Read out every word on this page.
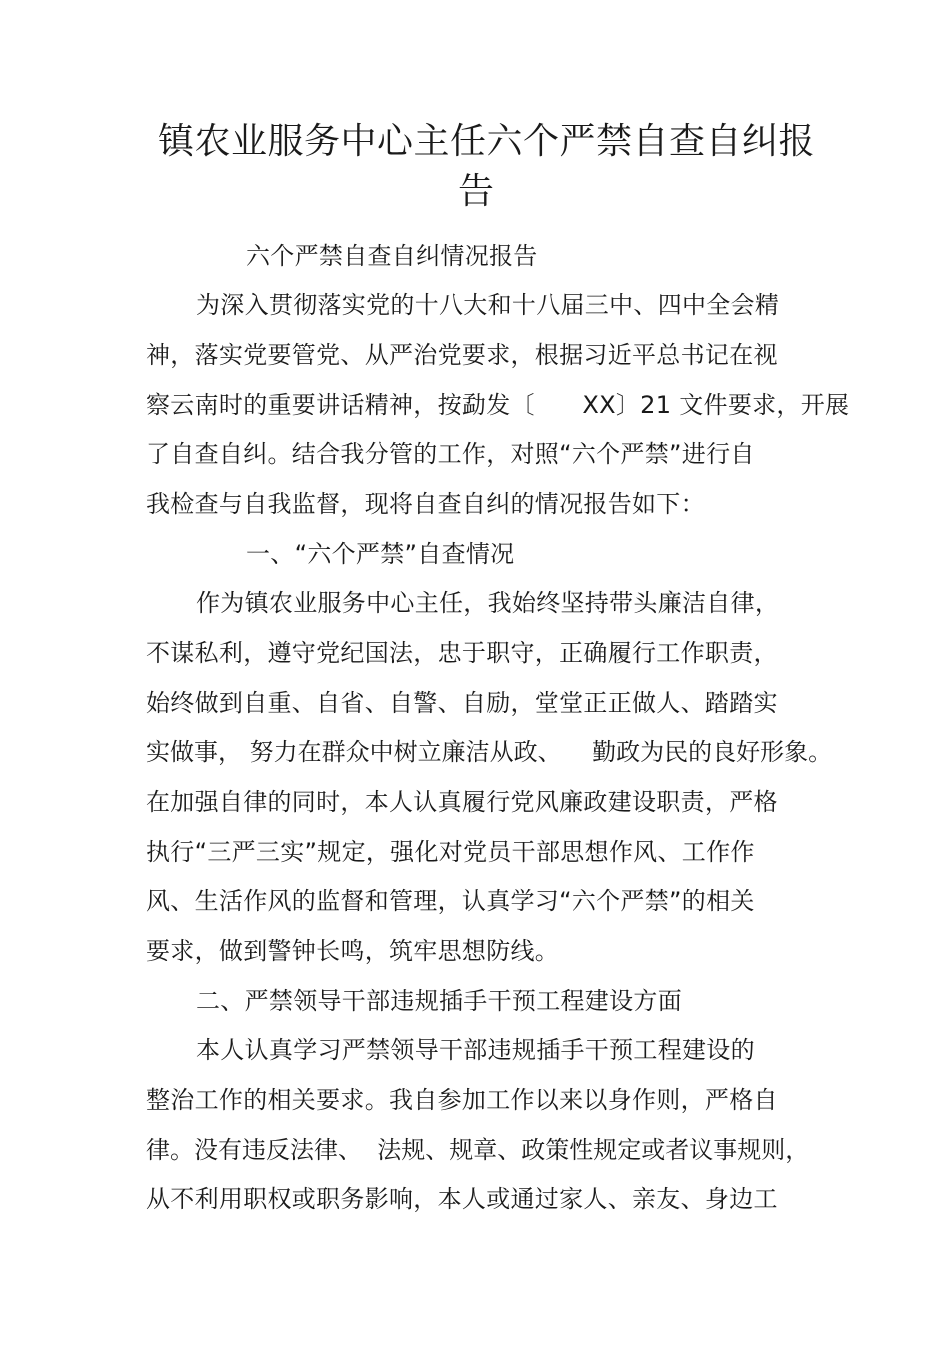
镇农业服务中心主任六个严禁自查自纠报
告
六个严禁自查自纠情况报告
为深入贯彻落实党的十八大和十八届三中、四中全会精
神，落实党要管党、从严治党要求，根据习近平总书记在视
察云南时的重要讲话精神，按勐发〔      XX〕21 文件要求，开展
了自查自纠。结合我分管的工作，对照“六个严禁”进行自
我检查与自我监督，现将自查自纠的情况报告如下：
一、“六个严禁”自查情况
作为镇农业服务中心主任，我始终坚持带头廉洁自律，
不谋私利，遵守党纪国法，忠于职守，正确履行工作职责，
始终做到自重、自省、自警、自励，堂堂正正做人、踏踏实
实做事， 努力在群众中树立廉洁从政、    勤政为民的良好形象。
在加强自律的同时，本人认真履行党风廉政建设职责，严格
执行“三严三实”规定，强化对党员干部思想作风、工作作
风、生活作风的监督和管理，认真学习“六个严禁”的相关
要求，做到警钟长鸣，筑牢思想防线。
二、严禁领导干部违规插手干预工程建设方面
本人认真学习严禁领导干部违规插手干预工程建设的
整治工作的相关要求。我自参加工作以来以身作则，严格自
律。没有违反法律、  法规、规章、政策性规定或者议事规则，
从不利用职权或职务影响，本人或通过家人、亲友、身边工
